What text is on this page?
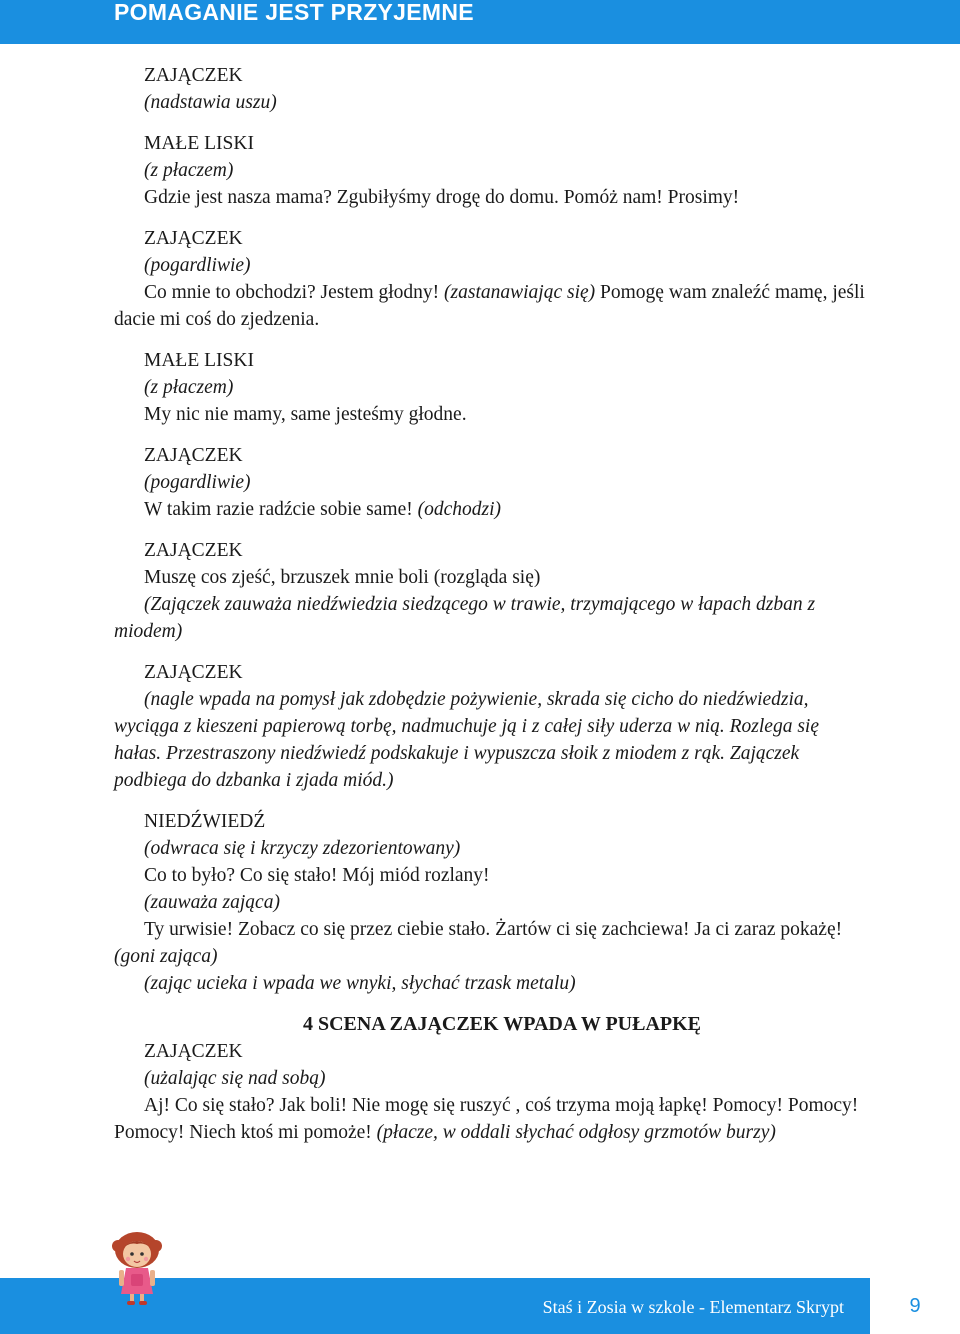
POMAGANIE JEST PRZYJEMNE

ZAJĄCZEK

(nadstawia uszu)

MAŁE LISKI

(z płaczem)

Gdzie jest nasza mama? Zgubiłyśmy drogę do domu. Pomóż nam! Prosimy!

ZAJĄCZEK

(pogardliwie)

Co mnie to obchodzi? Jestem głodny! (zastanawiając się) Pomogę wam znaleźć mamę, jeśli dacie mi coś do zjedzenia.

MAŁE LISKI

(z płaczem)

My nic nie mamy, same jesteśmy głodne.

ZAJĄCZEK

(pogardliwie)

W takim razie radźcie sobie same! (odchodzi)

ZAJĄCZEK

Muszę cos zjeść, brzuszek mnie boli (rozgląda się)

(Zajączek zauważa niedźwiedzia siedzącego w trawie, trzymającego w łapach dzban z miodem)

ZAJĄCZEK

(nagle wpada na pomysł jak zdobędzie pożywienie, skrada się cicho do niedźwiedzia, wyciąga z kieszeni papierową torbę, nadmuchuje ją i z całej siły uderza w nią. Rozlega się hałas. Przestraszony niedźwiedź podskakuje i wypuszcza słoik z miodem z rąk. Zajączek podbiega do dzbanka i zjada miód.)

NIEDŹWIEDŹ

(odwraca się i krzyczy zdezorientowany)

Co to było? Co się stało! Mój miód rozlany!

(zauważa zająca)

Ty urwisie! Zobacz co się przez ciebie stało. Żartów ci się zachciewa! Ja ci zaraz pokażę! (goni zająca)

(zając ucieka i wpada we wnyki, słychać trzask metalu)

4 SCENA ZAJĄCZEK WPADA W PUŁAPKĘ

ZAJĄCZEK

(użalając się nad sobą)

Aj! Co się stało? Jak boli! Nie mogę się ruszyć , coś trzyma moją łapkę! Pomocy! Pomocy! Pomocy! Niech ktoś mi pomoże! (płacze, w oddali słychać odgłosy grzmotów burzy)

Staś i Zosia w szkole - Elementarz Skrypt	9
